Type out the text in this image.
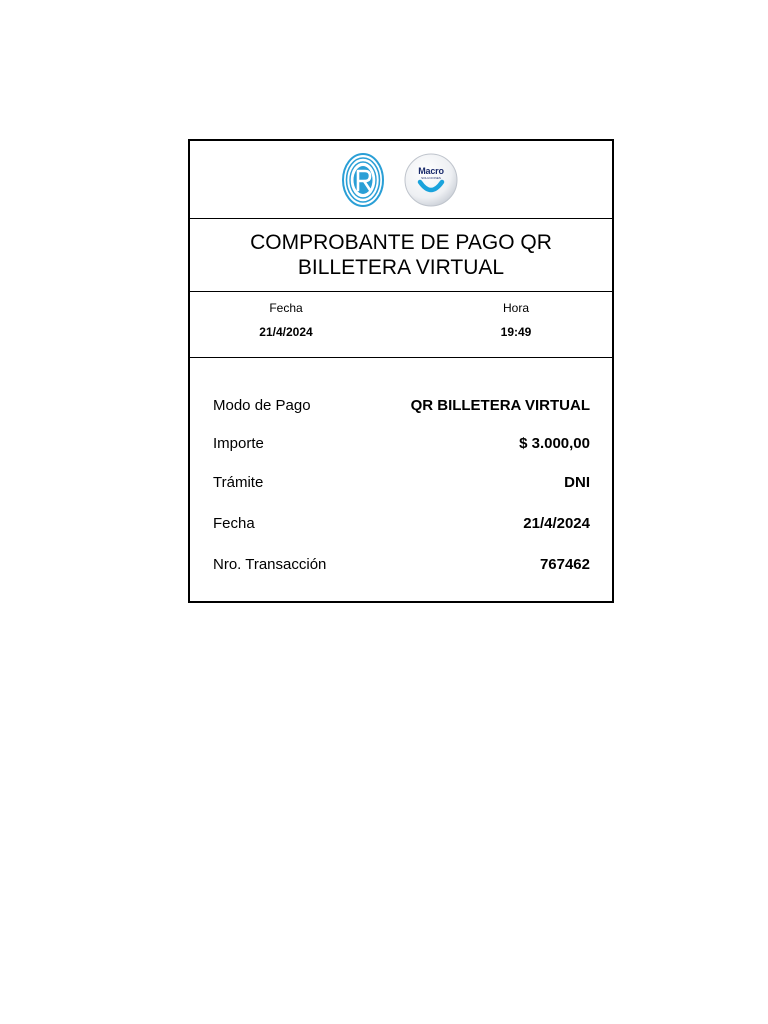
Macro
SOLUCIONES
COMPROBANTE DE PAGO QR
BILLETERA VIRTUAL
Fecha
21/4/2024
Hora
19:49
Modo de Pago	QR BILLETERA VIRTUAL
Importe	$ 3.000,00
Trámite	DNI
Fecha	21/4/2024
Nro. Transacción	767462
